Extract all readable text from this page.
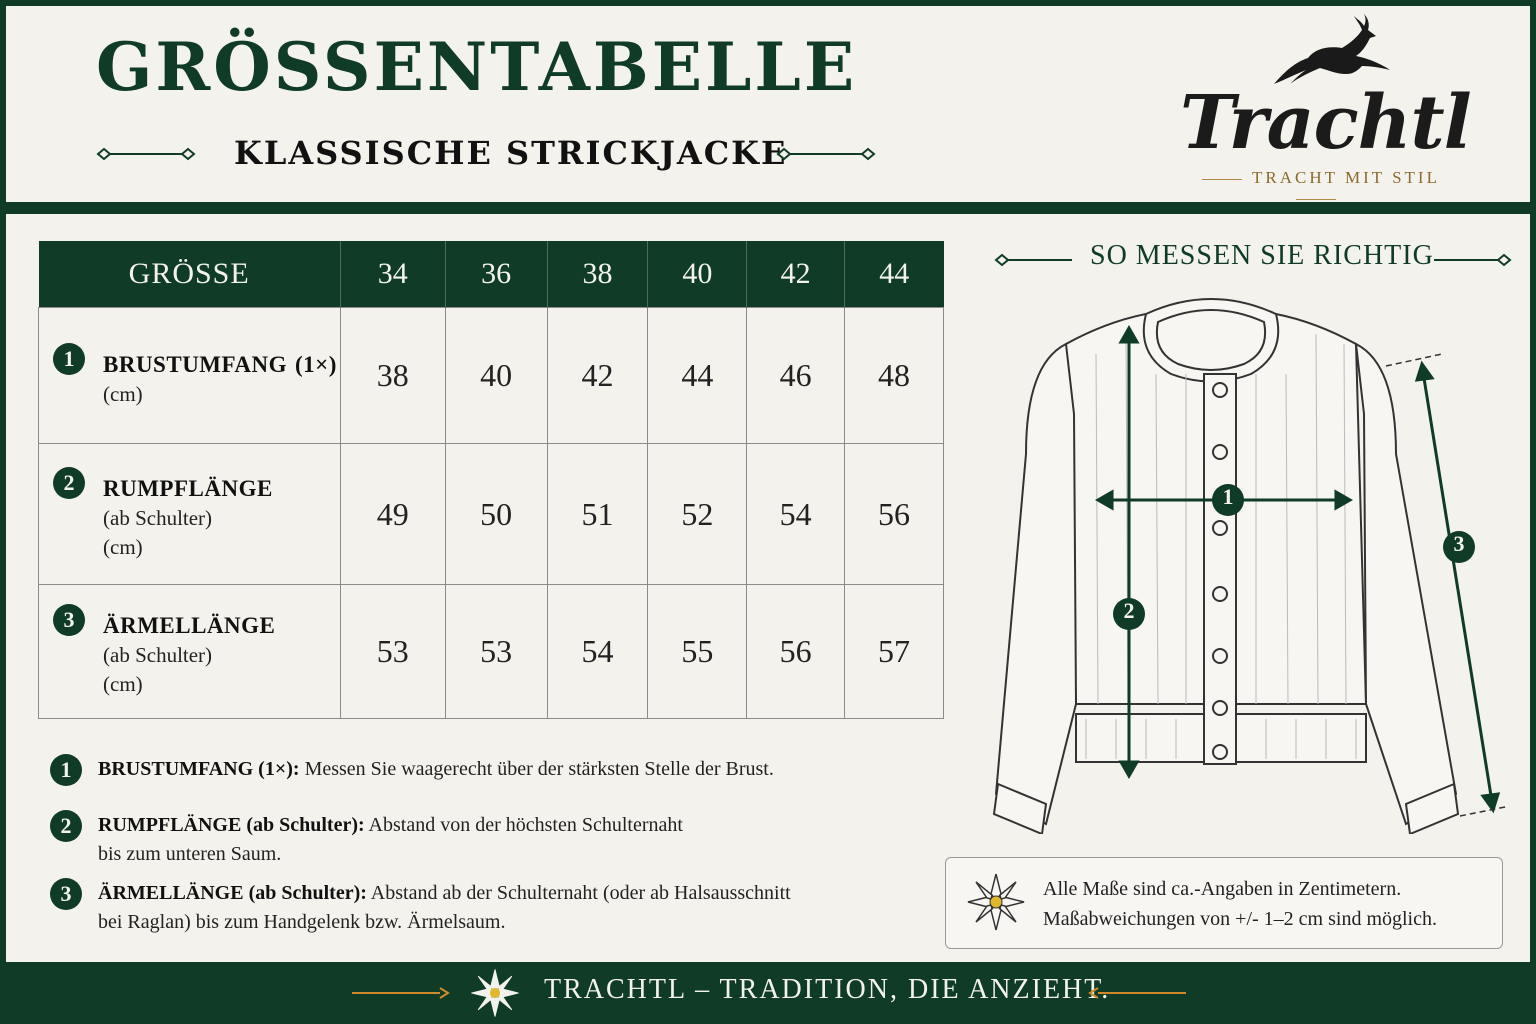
GRÖSSENTABELLE
KLASSISCHE STRICKJACKE	Trachtl
TRACHT MIT STIL
GRÖSSE	34	36	38	40	42	44

1 BRUSTUMFANG (1×)
(cm)	38	40	42	44	46	48

2 RUMPFLÄNGE
(ab Schulter)
(cm)	49	50	51	52	54	56

3 ÄRMELLÄNGE
(ab Schulter)
(cm)	53	53	54	55	56	57
1	BRUSTUMFANG (1×): Messen Sie waagerecht über der stärksten Stelle der Brust.
2	RUMPFLÄNGE (ab Schulter): Abstand von der höchsten Schulternaht
bis zum unteren Saum.
3	ÄRMELLÄNGE (ab Schulter): Abstand ab der Schulternaht (oder ab Halsausschnitt
bei Raglan) bis zum Handgelenk bzw. Ärmelsaum.
SO MESSEN SIE RICHTIG
1
2
3
Alle Maße sind ca.-Angaben in Zentimetern.
Maßabweichungen von +/- 1–2 cm sind möglich.
TRACHTL – TRADITION, DIE ANZIEHT.
